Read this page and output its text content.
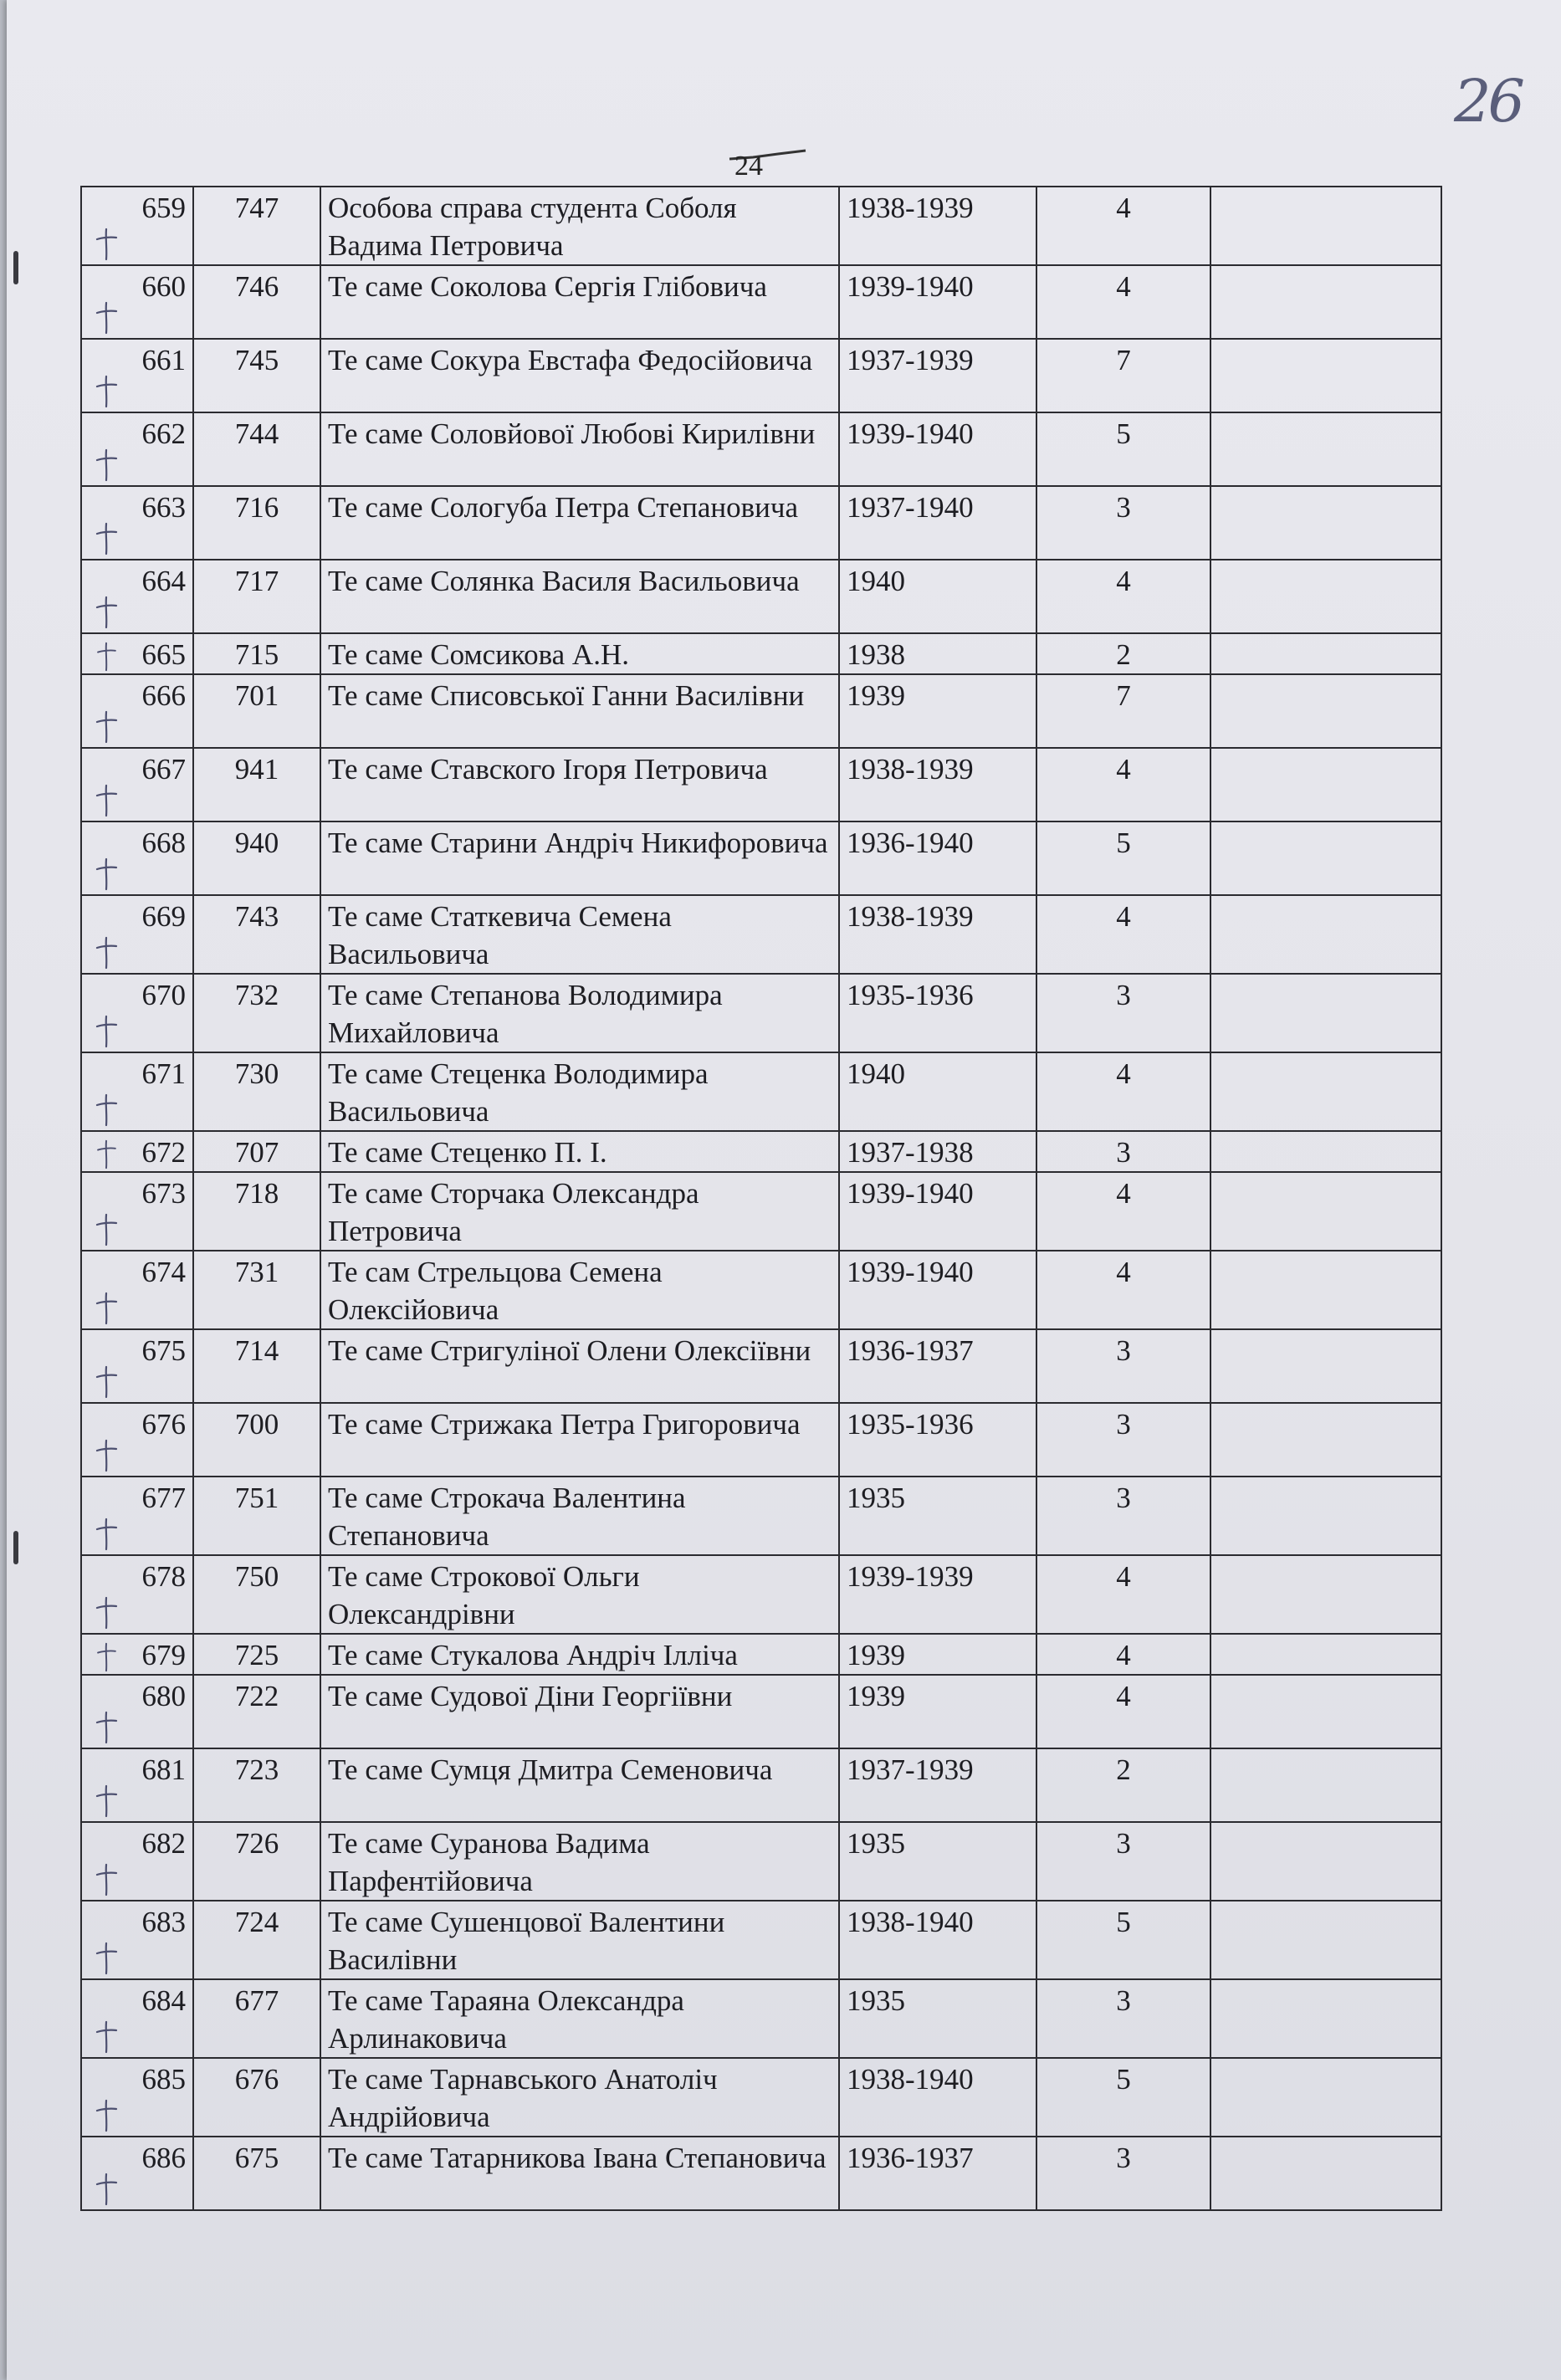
26
24
659	747	Особова справа студента Соболя Вадима Петровича	1938-1939	4	
660	746	Те саме Соколова Сергія Глібовича	1939-1940	4	
661	745	Те саме Сокура Евстафа Федосійовича	1937-1939	7	
662	744	Те саме Соловйової Любові Кирилівни	1939-1940	5	
663	716	Те саме Сологуба Петра Степановича	1937-1940	3	
664	717	Те саме Солянка Василя Васильовича	1940	4	
665	715	Те саме Сомсикова А.Н.	1938	2	
666	701	Те саме Списовської Ганни Василівни	1939	7	
667	941	Те саме Ставского Ігоря Петровича	1938-1939	4	
668	940	Те саме Старини Андріч Никифоровича	1936-1940	5	
669	743	Те саме Статкевича Семена Васильовича	1938-1939	4	
670	732	Те саме Степанова Володимира Михайловича	1935-1936	3	
671	730	Те саме Стеценка Володимира Васильовича	1940	4	
672	707	Те саме Стеценко П. І.	1937-1938	3	
673	718	Те саме Сторчака Олександра Петровича	1939-1940	4	
674	731	Те сам Стрельцова Семена Олексійовича	1939-1940	4	
675	714	Те саме Стригуліної Олени Олексіївни	1936-1937	3	
676	700	Те саме Стрижака Петра Григоровича	1935-1936	3	
677	751	Те саме Строкача Валентина Степановича	1935	3	
678	750	Те саме Строкової Ольги Олександрівни	1939-1939	4	
679	725	Те саме Стукалова Андріч Ілліча	1939	4	
680	722	Те саме Судової Діни Георгіївни	1939	4	
681	723	Те саме Сумця Дмитра Семеновича	1937-1939	2	
682	726	Те саме Суранова Вадима Парфентійовича	1935	3	
683	724	Те саме Сушенцової Валентини Василівни	1938-1940	5	
684	677	Те саме Тараяна Олександра Арлинаковича	1935	3	
685	676	Те саме Тарнавського Анатоліч Андрійовича	1938-1940	5	
686	675	Те саме Татарникова Івана Степановича	1936-1937	3	
